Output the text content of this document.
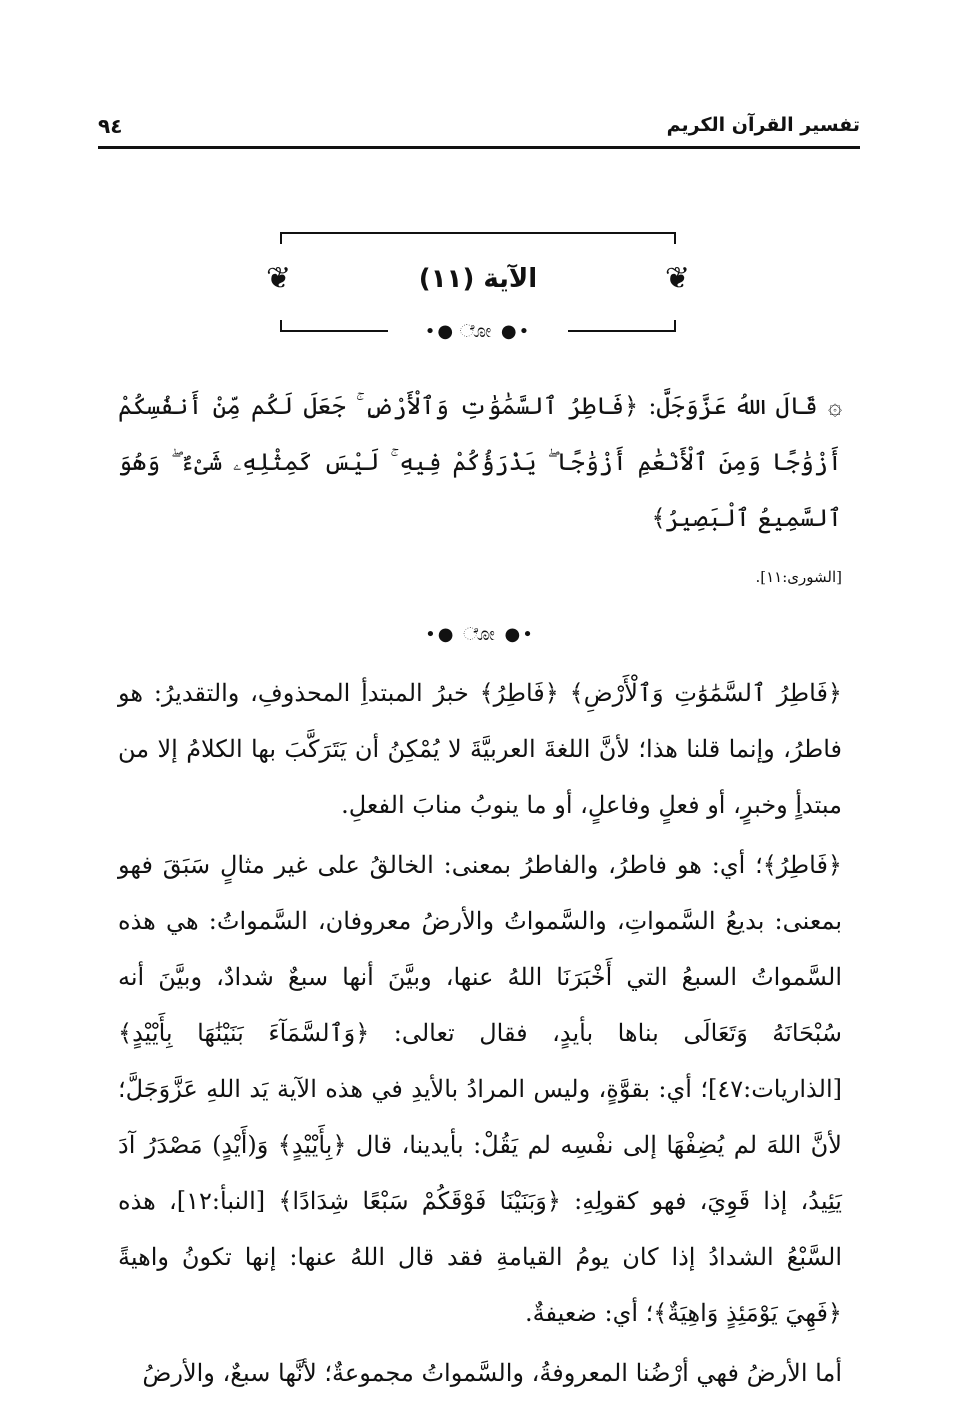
تفسير القرآن الكريم
٩٤
❦	❦
الآية (١١)
•● ೋ ●•

۞ قَالَ اللهُ عَزَّوَجَلَّ: ﴿فَاطِرُ ٱلسَّمَٰوَٰتِ وَٱلْأَرْضِ ۚ جَعَلَ لَكُم مِّنْ أَنفُسِكُمْ أَزْوَٰجًا وَمِنَ ٱلْأَنْعَٰمِ أَزْوَٰجًا ۖ يَذْرَؤُكُمْ فِيهِ ۚ لَيْسَ كَمِثْلِهِۦ شَىْءٌ ۖ وَهُوَ ٱلسَّمِيعُ ٱلْبَصِيرُ﴾

[الشورى:١١].

•● ೋ ●•

﴿فَاطِرُ ٱلسَّمَٰوَٰتِ وَٱلْأَرْضِ﴾ ﴿فَاطِرُ﴾ خبرُ المبتدأِ المحذوفِ، والتقديرُ: هو فاطرُ، وإنما قلنا هذا؛ لأنَّ اللغةَ العربيَّةَ لا يُمْكِنُ أن يَتَرَكَّبَ بها الكلامُ إلا من مبتدأٍ وخبرٍ، أو فعلٍ وفاعلٍ، أو ما ينوبُ منابَ الفعلِ.

﴿فَاطِرُ﴾؛ أي: هو فاطرُ، والفاطرُ بمعنى: الخالقُ على غير مثالٍ سَبَقَ فهو بمعنى: بديعُ السَّمواتِ، والسَّمواتُ والأرضُ معروفان، السَّمواتُ: هي هذه السَّمواتُ السبعُ التي أَخْبَرَنَا اللهُ عنها، وبيَّنَ أنها سبعٌ شدادٌ، وبيَّنَ أنه سُبْحَانَهُ وَتَعَالَى بناها بأيدٍ، فقال تعالى: ﴿وَٱلسَّمَآءَ بَنَيْنَٰهَا بِأَيْيْدٍ﴾ [الذاريات:٤٧]؛ أي: بقوَّةٍ، وليس المرادُ بالأيدِ في هذه الآية يَد اللهِ عَزَّوَجَلَّ؛ لأنَّ اللهَ لم يُضِفْهَا إلى نفْسِه لم يَقُلْ: بأيدينا، قال ﴿بِأَيْيْدٍ﴾ وَ(أَيْدٍ) مَصْدَرُ آدَ يَئِيدُ، إذا قَوِيَ، فهو كقولِهِ: ﴿وَبَنَيْنَا فَوْقَكُمْ سَبْعًا شِدَادًا﴾ [النبأ:١٢]، هذه السَّبْعُ الشدادُ إذا كان يومُ القيامةِ فقد قال اللهُ عنها: إنها تكونُ واهيةً ﴿فَهِيَ يَوْمَئِذٍ وَاهِيَةٌ﴾؛ أي: ضعيفةٌ.

أما الأرضُ فهي أرْضُنا المعروفةُ، والسَّمواتُ مجموعةٌ؛ لأنَّها سبعٌ، والأرضُ
